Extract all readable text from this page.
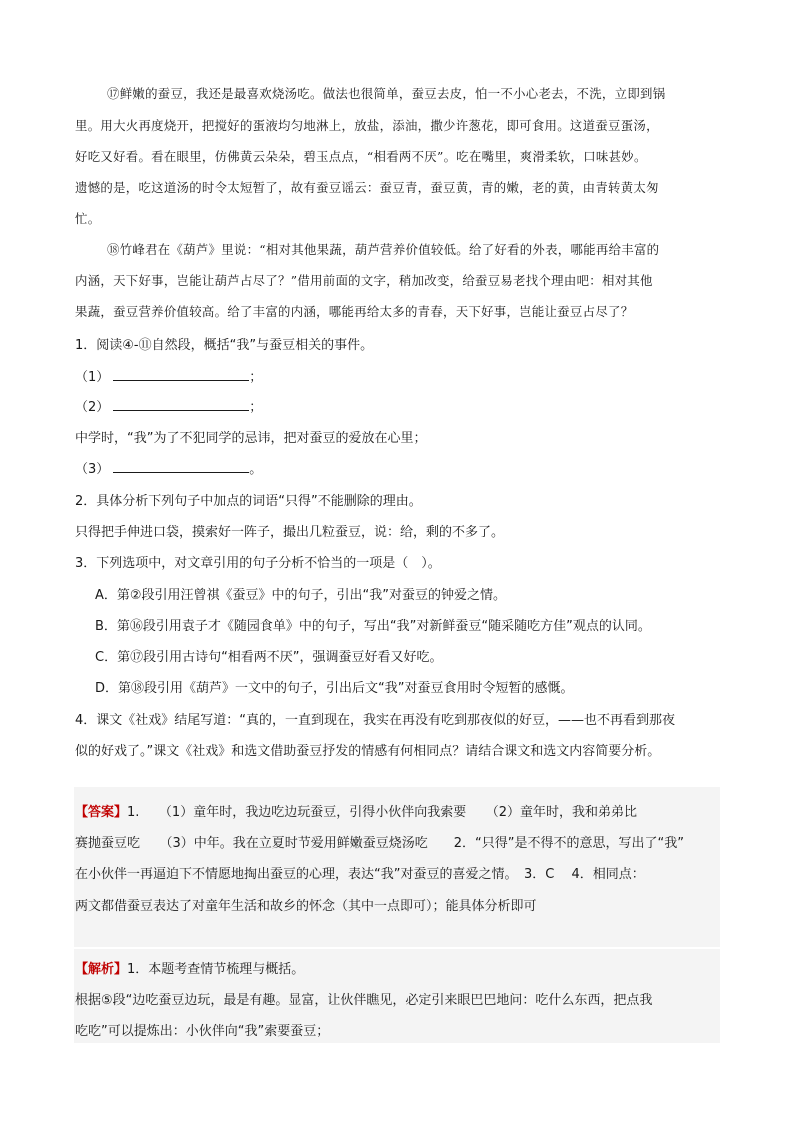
⑰鲜嫩的蚕豆，我还是最喜欢烧汤吃。做法也很简单，蚕豆去皮，怕一不小心老去，不洗，立即到锅
里。用大火再度烧开，把搅好的蛋液均匀地淋上，放盐，添油，撒少许葱花，即可食用。这道蚕豆蛋汤，
好吃又好看。看在眼里，仿佛黄云朵朵，碧玉点点，“相看两不厌”。吃在嘴里，爽滑柔软，口味甚妙。
遗憾的是，吃这道汤的时令太短暂了，故有蚕豆谣云：蚕豆青，蚕豆黄，青的嫩，老的黄，由青转黄太匆
忙。
⑱竹峰君在《葫芦》里说：“相对其他果蔬，葫芦营养价值较低。给了好看的外表，哪能再给丰富的
内涵，天下好事，岂能让葫芦占尽了？”借用前面的文字，稍加改变，给蚕豆易老找个理由吧：相对其他
果蔬，蚕豆营养价值较高。给了丰富的内涵，哪能再给太多的青春，天下好事，岂能让蚕豆占尽了？
1．阅读④-⑪自然段，概括“我”与蚕豆相关的事件。
（1）	；
（2）	；
中学时，“我”为了不犯同学的忌讳，把对蚕豆的爱放在心里；
（3）	。
2．具体分析下列句子中加点的词语“只得”不能删除的理由。
只得把手伸进口袋，摸索好一阵子，撮出几粒蚕豆，说：给，剩的不多了。
3．下列选项中，对文章引用的句子分析不恰当的一项是（　）。
A．第②段引用汪曾祺《蚕豆》中的句子，引出“我”对蚕豆的钟爱之情。
B．第⑯段引用袁子才《随园食单》中的句子，写出“我”对新鲜蚕豆“随采随吃方佳”观点的认同。
C．第⑰段引用古诗句“相看两不厌”，强调蚕豆好看又好吃。
D．第⑱段引用《葫芦》一文中的句子，引出后文“我”对蚕豆食用时令短暂的感慨。
4．课文《社戏》结尾写道：“真的，一直到现在，我实在再没有吃到那夜似的好豆，——也不再看到那夜
似的好戏了。”课文《社戏》和选文借助蚕豆抒发的情感有何相同点？请结合课文和选文内容简要分析。
【答案】1.　　（1）童年时，我边吃边玩蚕豆，引得小伙伴向我索要　　（2）童年时，我和弟弟比
赛抛蚕豆吃　　（3）中年。我在立夏时节爱用鲜嫩蚕豆烧汤吃　　2．“只得”是不得不的意思，写出了“我”
在小伙伴一再逼迫下不情愿地掏出蚕豆的心理，表达“我”对蚕豆的喜爱之情。　3．C　 4．相同点：
两文都借蚕豆表达了对童年生活和故乡的怀念（其中一点即可）；能具体分析即可
【解析】1．本题考查情节梳理与概括。
根据⑤段“边吃蚕豆边玩，最是有趣。显富，让伙伴瞧见，必定引来眼巴巴地问：吃什么东西，把点我
吃吃”可以提炼出：小伙伴向“我”索要蚕豆；
